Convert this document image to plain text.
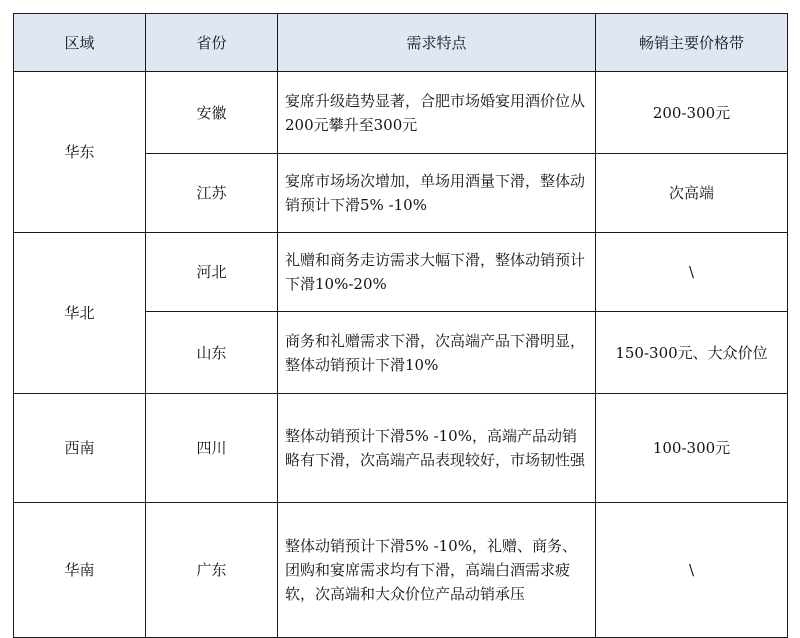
区域	省份	需求特点	畅销主要价格带
华东	安徽	宴席升级趋势显著，合肥市场婚宴用酒价位从200元攀升至300元	200-300元
	江苏	宴席市场场次增加，单场用酒量下滑，整体动销预计下滑5% -10%	次高端
华北	河北	礼赠和商务走访需求大幅下滑，整体动销预计下滑10%-20%	\
	山东	商务和礼赠需求下滑，次高端产品下滑明显，整体动销预计下滑10%	150-300元、大众价位
西南	四川	整体动销预计下滑5% -10%，高端产品动销略有下滑，次高端产品表现较好，市场韧性强	100-300元
华南	广东	整体动销预计下滑5% -10%，礼赠、商务、团购和宴席需求均有下滑，高端白酒需求疲软，次高端和大众价位产品动销承压	\
